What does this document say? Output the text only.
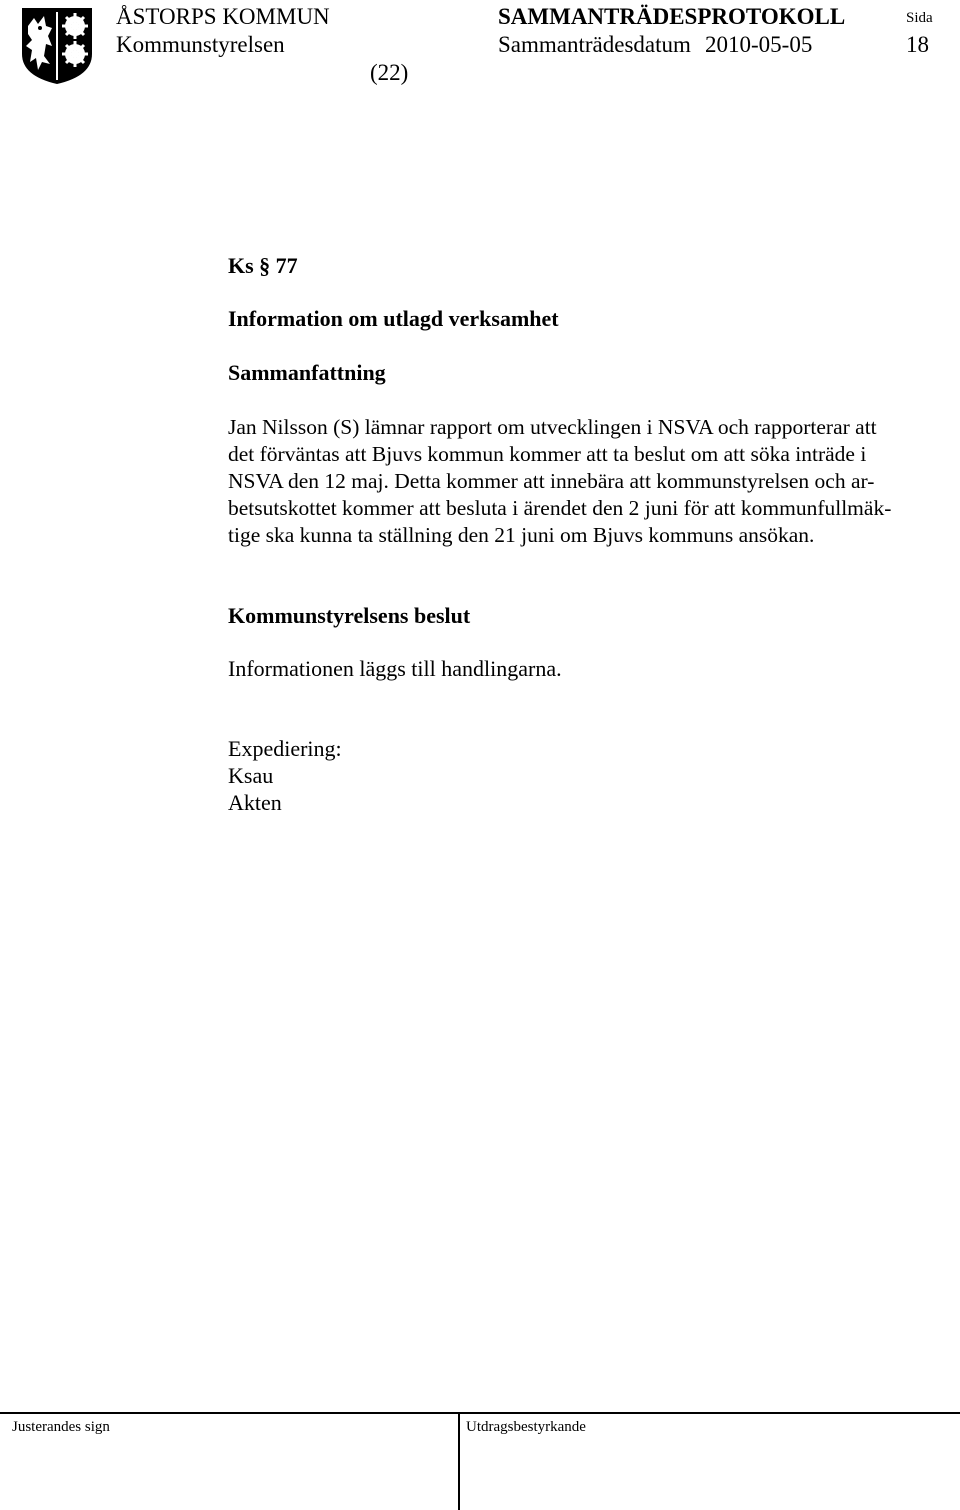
ÅSTORPS KOMMUN
Kommunstyrelsen
SAMMANTRÄDESPROTOKOLL	Sida
Sammanträdesdatum 2010-05-05	18
(22)
Ks § 77
Information om utlagd verksamhet
Sammanfattning
Jan Nilsson (S) lämnar rapport om utvecklingen i NSVA och rapporterar att
det förväntas att Bjuvs kommun kommer att ta beslut om att söka inträde i
NSVA den 12 maj. Detta kommer att innebära att kommunstyrelsen och ar-
betsutskottet kommer att besluta i ärendet den 2 juni för att kommunfullmäk-
tige ska kunna ta ställning den 21 juni om Bjuvs kommuns ansökan.
Kommunstyrelsens beslut
Informationen läggs till handlingarna.
Expediering:
Ksau
Akten
Justerandes sign	Utdragsbestyrkande
